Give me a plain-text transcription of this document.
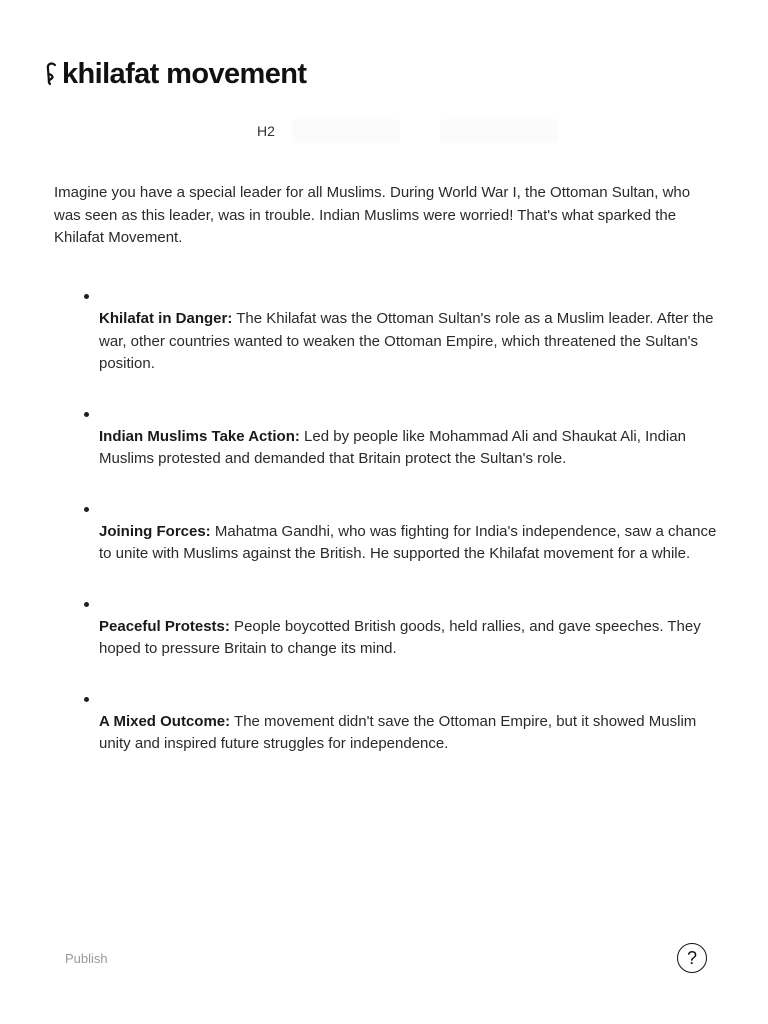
khilafat movement
H2

Imagine you have a special leader for all Muslims. During World War I, the Ottoman Sultan, who was seen as this leader, was in trouble. Indian Muslims were worried! That's what sparked the Khilafat Movement.

Khilafat in Danger: The Khilafat was the Ottoman Sultan's role as a Muslim leader. After the war, other countries wanted to weaken the Ottoman Empire, which threatened the Sultan's position.
Indian Muslims Take Action: Led by people like Mohammad Ali and Shaukat Ali, Indian Muslims protested and demanded that Britain protect the Sultan's role.
Joining Forces: Mahatma Gandhi, who was fighting for India's independence, saw a chance to unite with Muslims against the British. He supported the Khilafat movement for a while.
Peaceful Protests: People boycotted British goods, held rallies, and gave speeches. They hoped to pressure Britain to change its mind.
A Mixed Outcome: The movement didn't save the Ottoman Empire, but it showed Muslim unity and inspired future struggles for independence.
Publish	?
